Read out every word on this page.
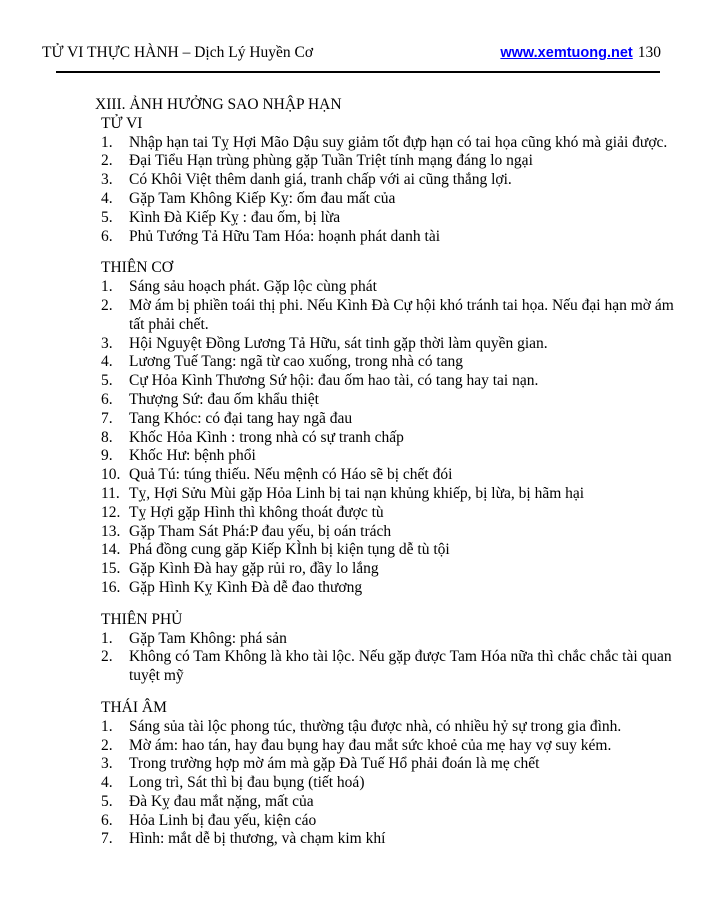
TỬ VI THỰC HÀNH – Dịch Lý Huyền Cơ	www.xemtuong.net 130
XIII. ẢNH HƯỞNG SAO NHẬP HẠN
TỬ VI
1.	Nhập hạn tai Tỵ Hợi Mão Dậu suy giảm tốt đựp hạn có tai họa cũng khó mà giải được.
2.	Đại Tiểu Hạn trùng phùng gặp Tuần Triệt tính mạng đáng lo ngại
3.	Có Khôi Việt thêm danh giá, tranh chấp với ai cũng thắng lợi.
4.	Gặp Tam Không Kiếp Kỵ: ốm đau mất của
5.	Kình Đà Kiếp Kỵ : đau ốm, bị lừa
6.	Phủ Tướng Tả Hữu Tam Hóa: hoạnh phát danh tài
THIÊN CƠ
1.	Sáng sảu hoạch phát. Gặp lộc cùng phát
2.	Mờ ám bị phiền toái thị phi. Nếu Kình Đà Cự hội khó tránh tai họa. Nếu đại hạn mờ ám tất phải chết.
3.	Hội Nguyệt Đồng Lương Tả Hữu, sát tinh gặp thời làm quyền gian.
4.	Lương Tuế Tang: ngã từ cao xuống, trong nhà có tang
5.	Cự Hỏa Kình Thương Sứ hội: đau ốm hao tài, có tang hay tai nạn.
6.	Thượng Sứ: đau ốm khẩu thiệt
7.	Tang Khóc: có đại tang hay ngã đau
8.	Khốc Hỏa Kình : trong nhà có sự tranh chấp
9.	Khốc Hư: bệnh phổi
10. Quả Tú: túng thiếu. Nếu mệnh có Háo sẽ bị chết đói
11. Tỵ, Hợi Sửu Mùi gặp Hỏa Linh bị tai nạn khủng khiếp, bị lừa, bị hãm hại
12. Tỵ Hợi gặp Hình thì không thoát được tù
13. Gặp Tham Sát Phá:P đau yếu, bị oán trách
14. Phá đồng cung găp Kiếp KÌnh bị kiện tụng dễ tù tội
15. Gặp Kình Đà hay gặp rủi ro, đầy lo lắng
16. Gặp Hình Kỵ Kình Đà dễ đao thương
THIÊN PHỦ
1.	Gặp Tam Không: phá sản
2.	Không có Tam Không là kho tài lộc. Nếu gặp được Tam Hóa nữa thì chắc chắc tài quan tuyệt mỹ
THÁI ÂM
1.	Sáng sủa tài lộc phong túc, thường tậu được nhà, có nhiều hỷ sự trong gia đình.
2.	Mờ ám: hao tán, hay đau bụng hay đau mắt sức khoẻ của mẹ hay vợ suy kém.
3.	Trong trường hợp mờ ám mà gặp Đà Tuế Hổ phải đoán là mẹ chết
4.	Long trì, Sát thì bị đau bụng (tiết hoá)
5.	Đà Kỵ đau mắt nặng, mất của
6.	Hỏa Linh bị đau yếu, kiện cáo
7.	Hình: mắt dễ bị thương, và chạm kim khí
